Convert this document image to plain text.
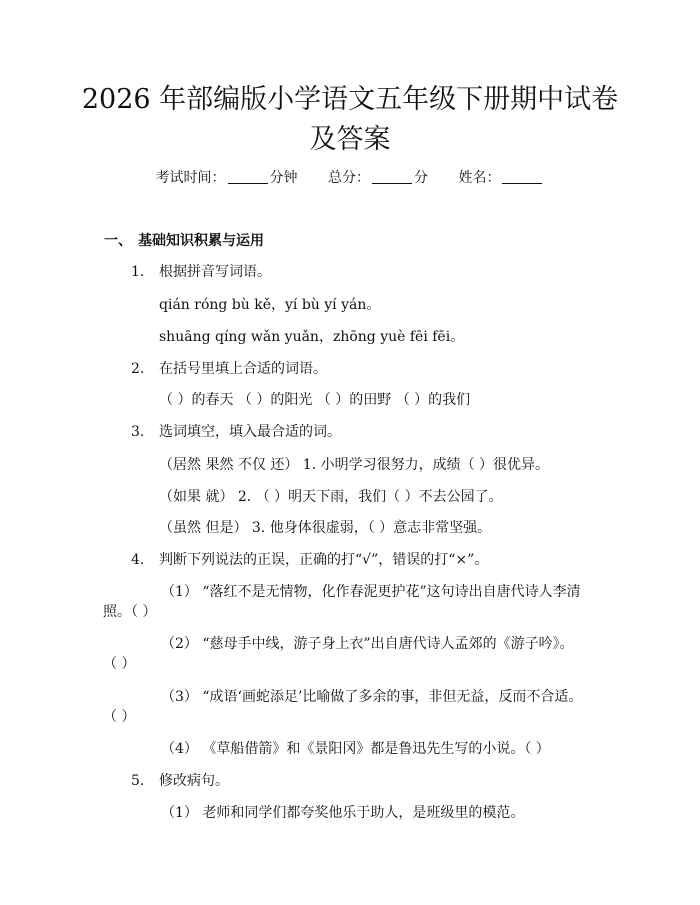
2026 年部编版小学语文五年级下册期中试卷
及答案
考试时间：	分钟 总分：	分 姓名：
一、 基础知识积累与运用
1. 根据拼音写词语。
qián róng bù kě，yí bù yí yán。
shuāng qíng wǎn yuǎn，zhōng yuè fēi fēi。
2. 在括号里填上合适的词语。
（ ）的春天 （ ）的阳光 （ ）的田野 （ ）的我们
3. 选词填空，填入最合适的词。
（居然 果然 不仅 还） 1. 小明学习很努力，成绩（ ）很优异。
（如果 就） 2. （ ）明天下雨，我们（ ）不去公园了。
（虽然 但是） 3. 他身体很虚弱，（ ）意志非常坚强。
4. 判断下列说法的正误，正确的打“√”，错误的打“×”。
（1） “落红不是无情物，化作春泥更护花”这句诗出自唐代诗人李清
照。（ ）
（2） “慈母手中线，游子身上衣”出自唐代诗人孟郊的《游子吟》。
（ ）
（3） “成语‘画蛇添足’比喻做了多余的事，非但无益，反而不合适。
（ ）
（4） 《草船借箭》和《景阳冈》都是鲁迅先生写的小说。（ ）
5. 修改病句。
（1） 老师和同学们都夸奖他乐于助人，是班级里的模范。
